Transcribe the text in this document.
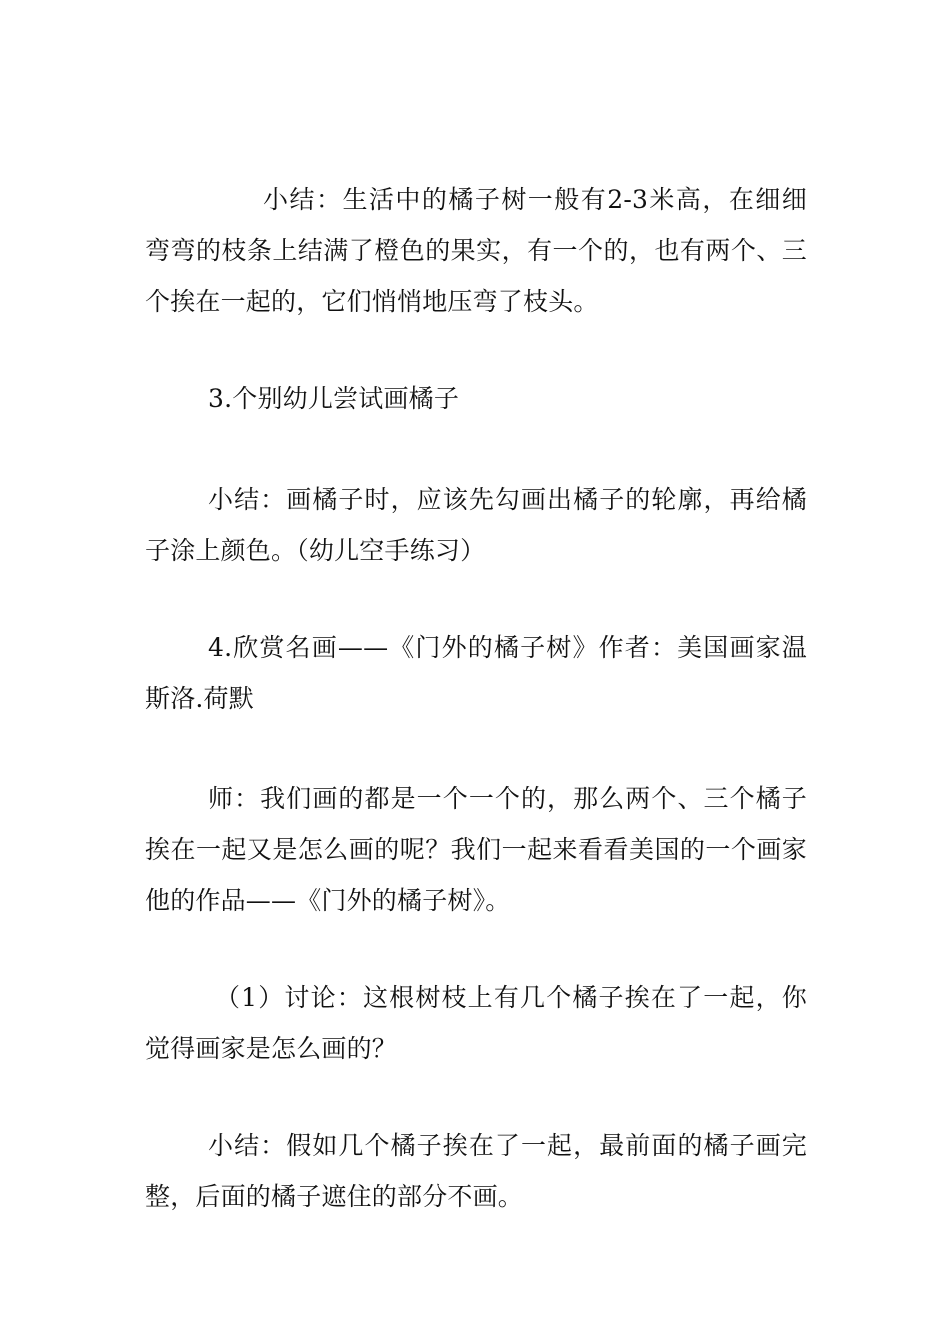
小结：生活中的橘子树一般有2-3米高，在细细弯弯的枝条上结满了橙色的果实，有一个的，也有两个、三个挨在一起的，它们悄悄地压弯了枝头。

3.个别幼儿尝试画橘子

小结：画橘子时，应该先勾画出橘子的轮廓，再给橘子涂上颜色。（幼儿空手练习）

4.欣赏名画——《门外的橘子树》作者：美国画家温斯洛.荷默

师：我们画的都是一个一个的，那么两个、三个橘子挨在一起又是怎么画的呢？我们一起来看看美国的一个画家他的作品——《门外的橘子树》。

（1）讨论：这根树枝上有几个橘子挨在了一起，你觉得画家是怎么画的？

小结：假如几个橘子挨在了一起，最前面的橘子画完整，后面的橘子遮住的部分不画。
